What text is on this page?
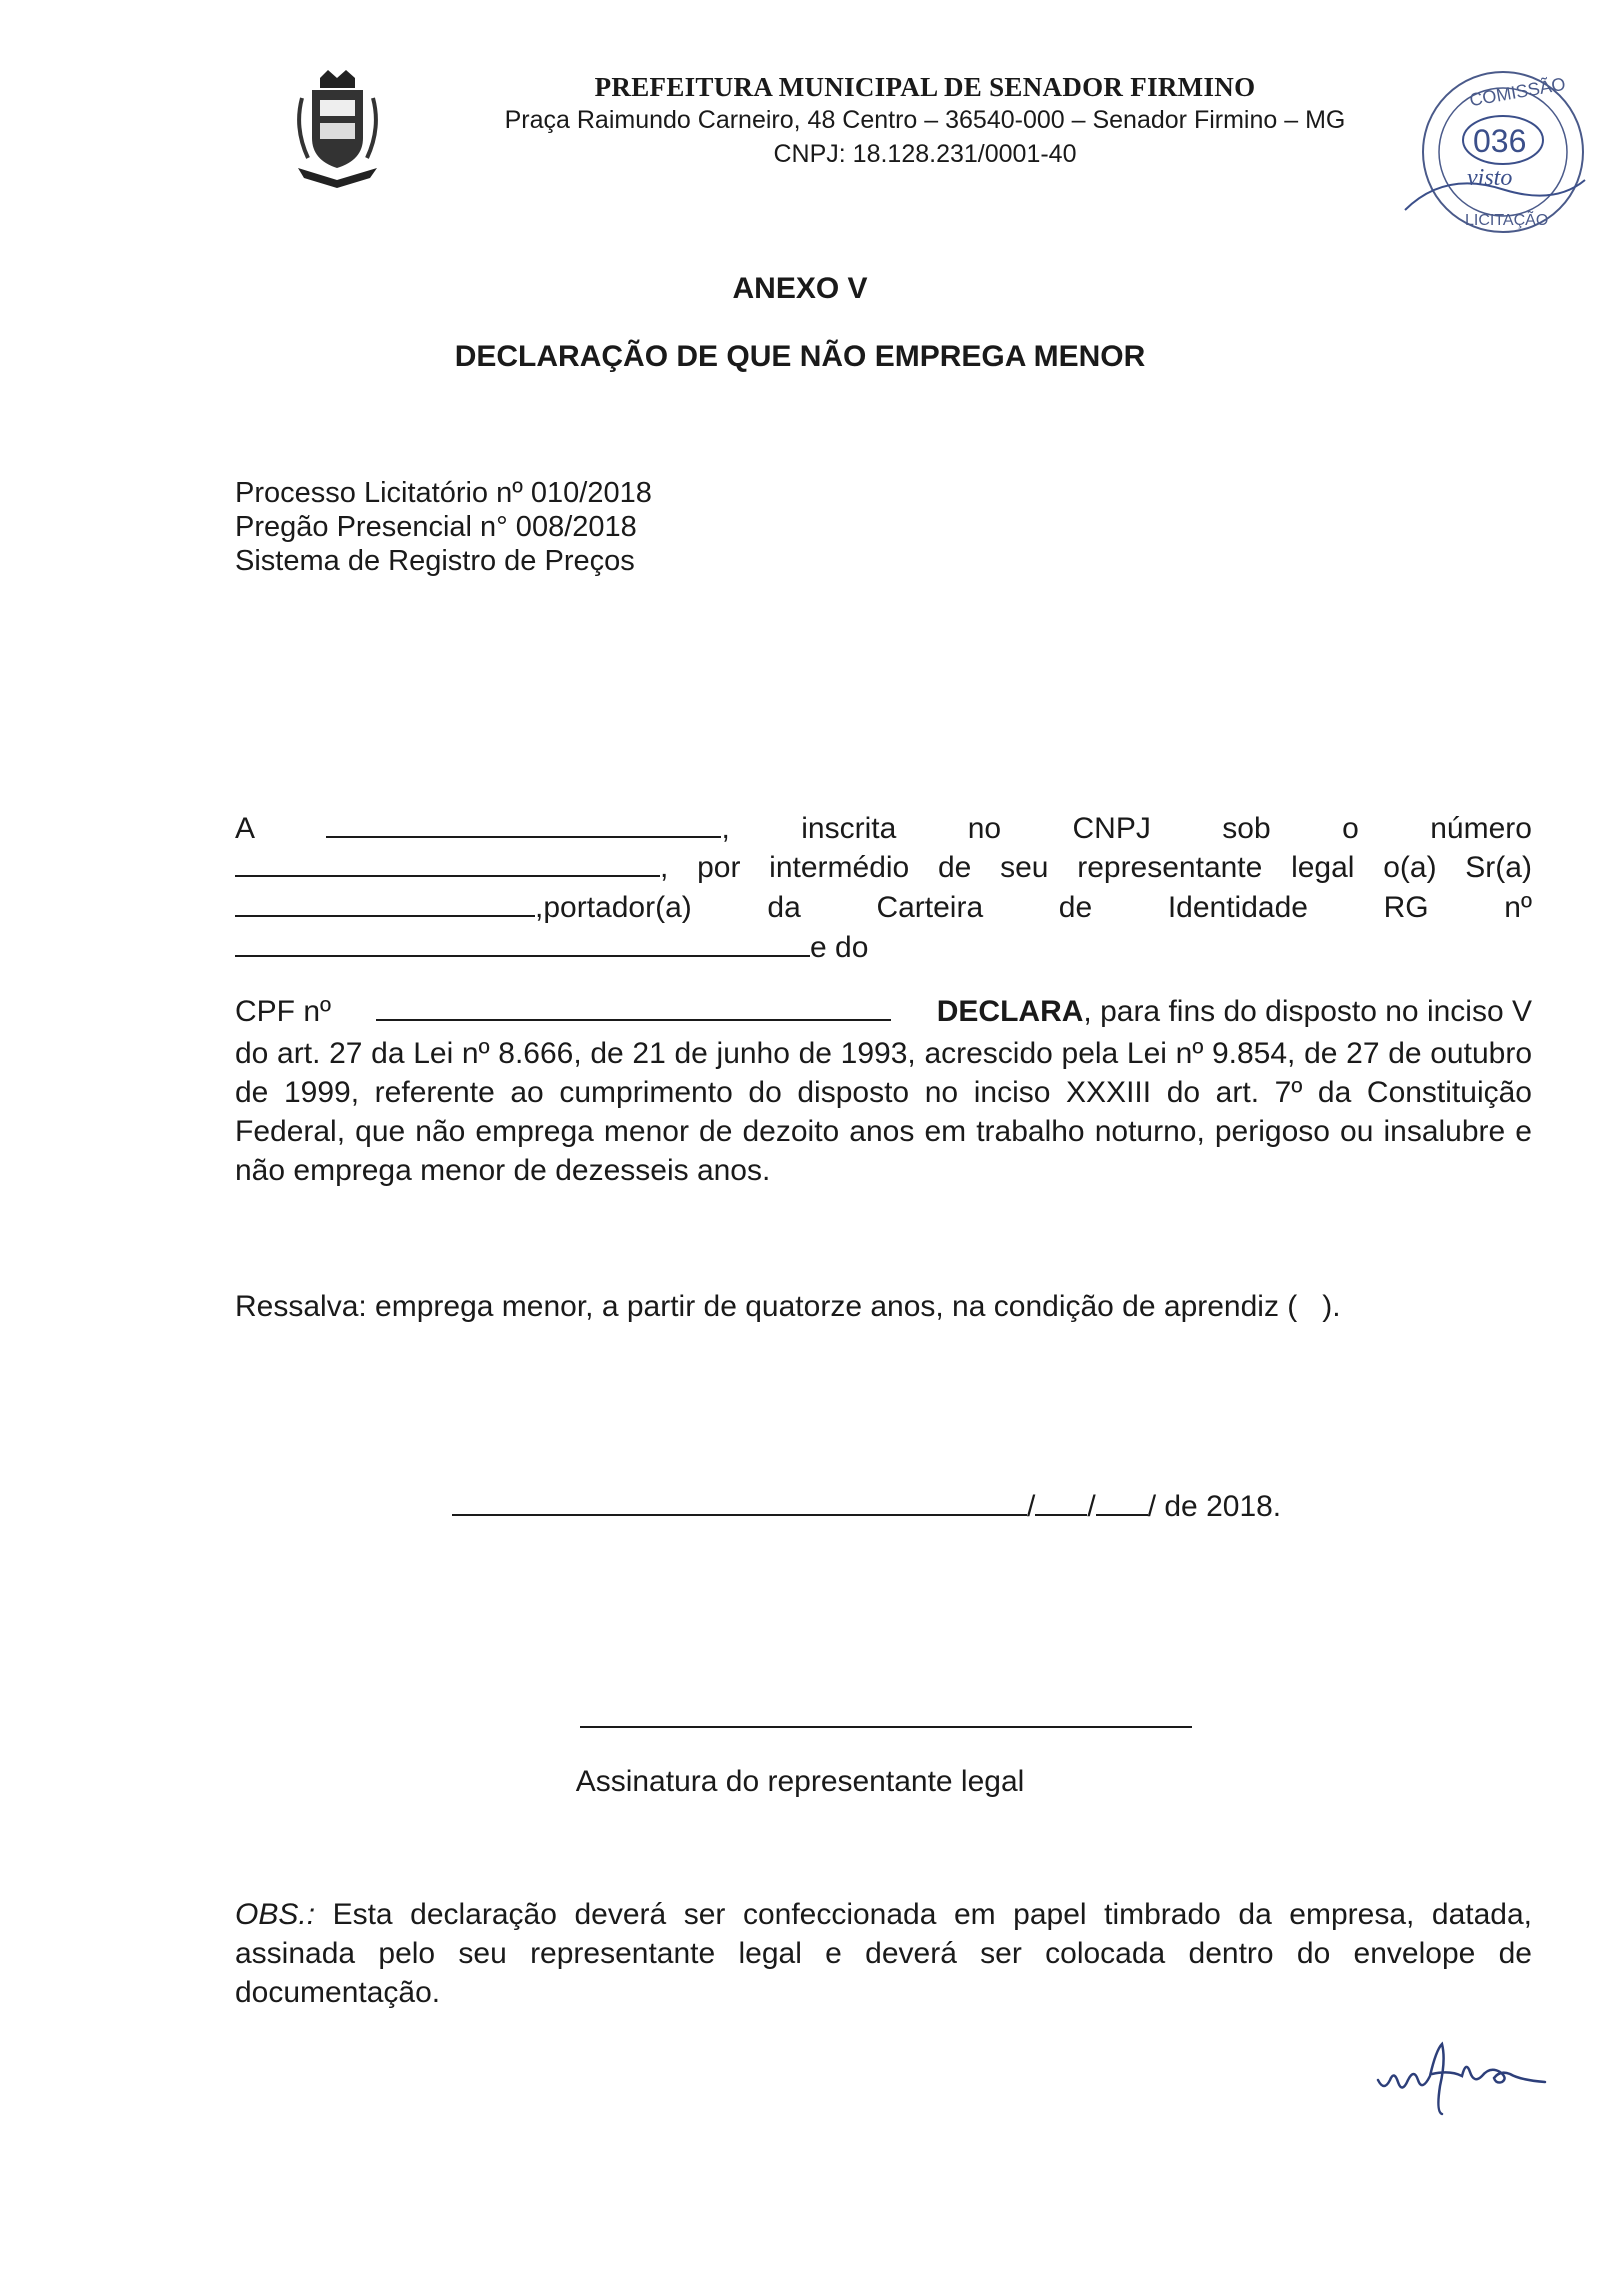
PREFEITURA MUNICIPAL DE SENADOR FIRMINO
Praça Raimundo Carneiro, 48 Centro – 36540-000 – Senador Firmino – MG
CNPJ: 18.128.231/0001-40
COMISSÃO
036
visto
LICITAÇÃO
ANEXO V
DECLARAÇÃO DE QUE NÃO EMPREGA MENOR
Processo Licitatório nº 010/2018
Pregão Presencial n° 008/2018
Sistema de Registro de Preços
A	, inscrita no CNPJ sob o número
, por intermédio de seu representante legal o(a) Sr(a)
,portador(a)	da	Carteira	de	Identidade	RG	nº
e do
CPF nº	DECLARA, para fins do disposto no inciso V
do art. 27 da Lei nº 8.666, de 21 de junho de 1993, acrescido pela Lei nº 9.854, de 27 de outubro de 1999, referente ao cumprimento do disposto no inciso XXXIII do art. 7º da Constituição Federal, que não emprega menor de dezoito anos em trabalho noturno, perigoso ou insalubre e não emprega menor de dezesseis anos.
Ressalva: emprega menor, a partir de quatorze anos, na condição de aprendiz (   ).
/ / / de 2018.
Assinatura do representante legal
OBS.: Esta declaração deverá ser confeccionada em papel timbrado da empresa, datada, assinada pelo seu representante legal e deverá ser colocada dentro do envelope de documentação.
